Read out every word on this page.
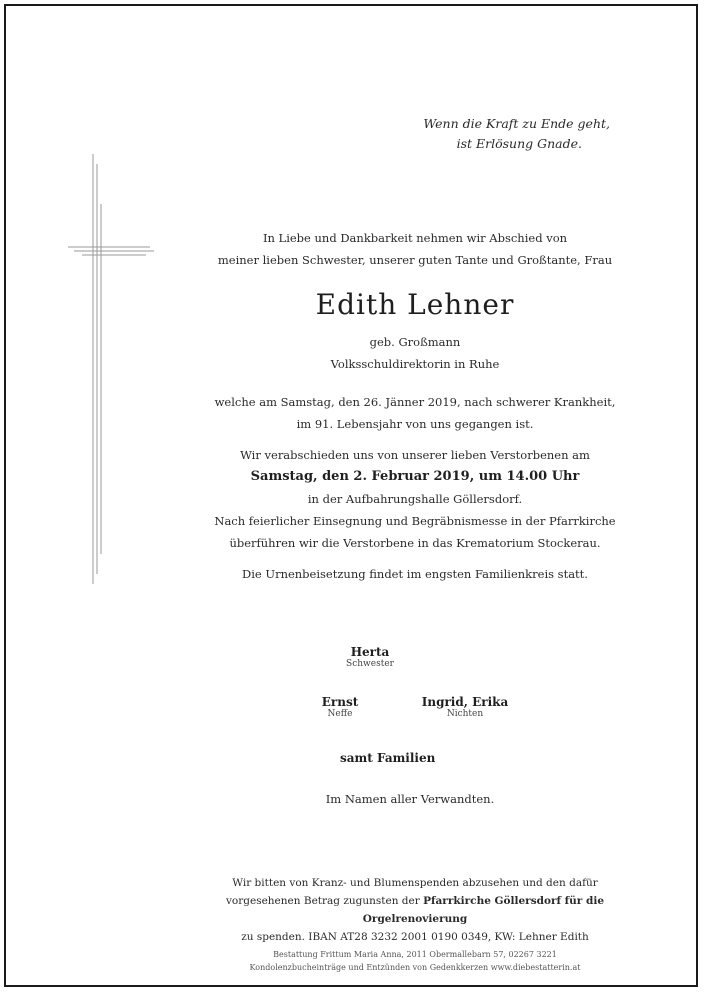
Wenn die Kraft zu Ende geht,
ist Erlösung Gnade.
In Liebe und Dankbarkeit nehmen wir Abschied von
meiner lieben Schwester, unserer guten Tante und Großtante, Frau
Edith Lehner
geb. Großmann
Volksschuldirektorin in Ruhe
welche am Samstag, den 26. Jänner 2019, nach schwerer Krankheit,
im 91. Lebensjahr von uns gegangen ist.
Wir verabschieden uns von unserer lieben Verstorbenen am
Samstag, den 2. Februar 2019, um 14.00 Uhr
in der Aufbahrungshalle Göllersdorf.
Nach feierlicher Einsegnung und Begräbnismesse in der Pfarrkirche
überführen wir die Verstorbene in das Krematorium Stockerau.
Die Urnenbeisetzung findet im engsten Familienkreis statt.
Herta
Schwester
Ernst
Neffe
Ingrid, Erika
Nichten
samt Familien
Im Namen aller Verwandten.
Wir bitten von Kranz- und Blumenspenden abzusehen und den dafür
vorgesehenen Betrag zugunsten der Pfarrkirche Göllersdorf für die Orgelrenovierung
zu spenden. IBAN AT28 3232 2001 0190 0349, KW: Lehner Edith
Bestattung Frittum Maria Anna, 2011 Obermallebarn 57, 02267 3221
Kondolenzbucheinträge und Entzünden von Gedenkkerzen www.diebestatterin.at
